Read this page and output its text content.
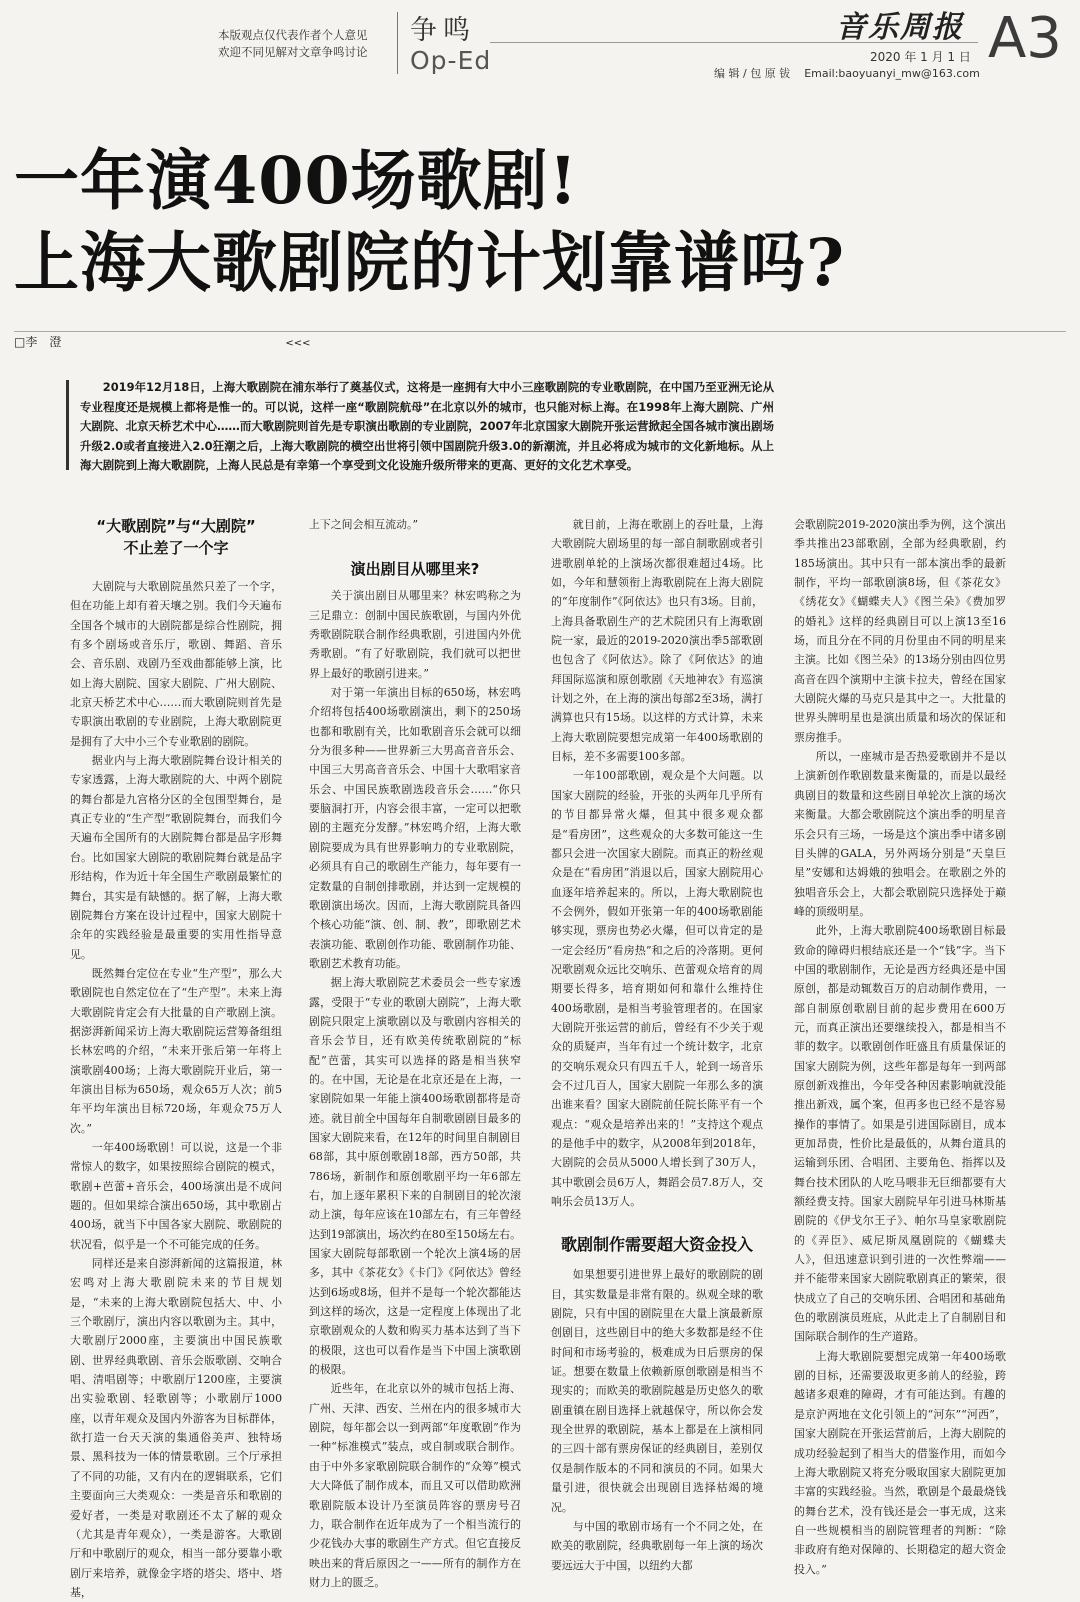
本版观点仅代表作者个人意见
欢迎不同见解对文章争鸣讨论
争鸣
Op-Ed
音乐周报 A3
2020 年 1 月 1 日
编 辑 / 包 原 钹 Email:baoyuanyi_mw@163.com
一年演400场歌剧!
上海大歌剧院的计划靠谱吗?
□李　澄	<<<
2019年12月18日，上海大歌剧院在浦东举行了奠基仪式，这将是一座拥有大中小三座歌剧院的专业歌剧院，在中国乃至亚洲无论从专业程度还是规模上都将是惟一的。可以说，这样一座“歌剧院航母”在北京以外的城市，也只能对标上海。在1998年上海大剧院、广州大剧院、北京天桥艺术中心……而大歌剧院则首先是专职演出歌剧的专业剧院，2007年北京国家大剧院开张运营掀起全国各城市演出剧场升级2.0或者直接进入2.0狂潮之后，上海大歌剧院的横空出世将引领中国剧院升级3.0的新潮流，并且必将成为城市的文化新地标。从上海大剧院到上海大歌剧院，上海人民总是有幸第一个享受到文化设施升级所带来的更高、更好的文化艺术享受。
“大歌剧院”与“大剧院”
不止差了一个字

大剧院与大歌剧院虽然只差了一个字，但在功能上却有着天壤之别。我们今天遍布全国各个城市的大剧院都是综合性剧院，拥有多个剧场或音乐厅，歌剧、舞蹈、音乐会、音乐剧、戏剧乃至戏曲都能够上演，比如上海大剧院、国家大剧院、广州大剧院、北京天桥艺术中心……而大歌剧院则首先是专职演出歌剧的专业剧院，上海大歌剧院更是拥有了大中小三个专业歌剧的剧院。

据业内与上海大歌剧院舞台设计相关的专家透露，上海大歌剧院的大、中两个剧院的舞台都是九宫格分区的全包围型舞台，是真正专业的“生产型”歌剧院舞台，而我们今天遍布全国所有的大剧院舞台都是品字形舞台。比如国家大剧院的歌剧院舞台就是品字形结构，作为近十年全国生产歌剧最繁忙的舞台，其实是有缺憾的。据了解，上海大歌剧院舞台方案在设计过程中，国家大剧院十余年的实践经验是最重要的实用性指导意见。

既然舞台定位在专业“生产型”，那么大歌剧院也自然定位在了“生产型”。未来上海大歌剧院肯定会有大批量的自产歌剧上演。据澎湃新闻采访上海大歌剧院运营筹备组组长林宏鸣的介绍，“未来开张后第一年将上演歌剧400场；上海大歌剧院开业后，第一年演出目标为650场，观众65万人次；前5年平均年演出目标720场，年观众75万人次。”

一年400场歌剧！可以说，这是一个非常惊人的数字，如果按照综合剧院的模式，歌剧+芭蕾+音乐会，400场演出是不成问题的。但如果综合演出650场，其中歌剧占400场，就当下中国各家大剧院、歌剧院的状况看，似乎是一个不可能完成的任务。

同样还是来自澎湃新闻的这篇报道，林宏鸣对上海大歌剧院未来的节目规划是，“未来的上海大歌剧院包括大、中、小三个歌剧厅，演出内容以歌剧为主。其中，大歌剧厅2000座，主要演出中国民族歌剧、世界经典歌剧、音乐会版歌剧、交响合唱、清唱剧等；中歌剧厅1200座，主要演出实验歌剧、轻歌剧等；小歌剧厅1000座，以青年观众及国内外游客为目标群体，欲打造一台天天演的集通俗美声、独特场景、黑科技为一体的情景歌剧。三个厅承担了不同的功能，又有内在的逻辑联系，它们主要面向三大类观众：一类是音乐和歌剧的爱好者，一类是对歌剧还不太了解的观众（尤其是青年观众），一类是游客。大歌剧厅和中歌剧厅的观众，相当一部分要靠小歌剧厅来培养，就像金字塔的塔尖、塔中、塔基，

上下之间会相互流动。”

演出剧目从哪里来?

关于演出剧目从哪里来？林宏鸣称之为三足鼎立：创制中国民族歌剧，与国内外优秀歌剧院联合制作经典歌剧，引进国内外优秀歌剧。“有了好歌剧院，我们就可以把世界上最好的歌剧引进来。”

对于第一年演出目标的650场，林宏鸣介绍将包括400场歌剧演出，剩下的250场也都和歌剧有关，比如歌剧音乐会就可以细分为很多种——世界新三大男高音音乐会、中国三大男高音音乐会、中国十大歌唱家音乐会、中国民族歌剧选段音乐会……“你只要脑洞打开，内容会很丰富，一定可以把歌剧的主题充分发酵。”林宏鸣介绍，上海大歌剧院要成为具有世界影响力的专业歌剧院，必须具有自己的歌剧生产能力，每年要有一定数量的自制创排歌剧，并达到一定规模的歌剧演出场次。因而，上海大歌剧院具备四个核心功能“演、创、制、教”，即歌剧艺术表演功能、歌剧创作功能、歌剧制作功能、歌剧艺术教育功能。

据上海大歌剧院艺术委员会一些专家透露，受限于“专业的歌剧大剧院”，上海大歌剧院只限定上演歌剧以及与歌剧内容相关的音乐会节目，还有欧美传统歌剧院的“标配”芭蕾，其实可以选择的路是相当狭窄的。在中国，无论是在北京还是在上海，一家剧院如果一年能上演400场歌剧都将是奇迹。就目前全中国每年自制歌剧剧目最多的国家大剧院来看，在12年的时间里自制剧目68部，其中原创歌剧18部，西方50部，共786场，新制作和原创歌剧平均一年6部左右，加上逐年累积下来的自制剧目的轮次滚动上演，每年应该在10部左右，有三年曾经达到19部演出，场次约在80至150场左右。国家大剧院每部歌剧一个轮次上演4场的居多，其中《茶花女》《卡门》《阿依达》曾经达到6场或8场，但并不是每一个轮次都能达到这样的场次，这是一定程度上体现出了北京歌剧观众的人数和购买力基本达到了当下的极限，这也可以看作是当下中国上演歌剧的极限。

近些年，在北京以外的城市包括上海、广州、天津、西安、兰州在内的很多城市大剧院，每年都会以一到两部“年度歌剧”作为一种“标准模式”装点，或自制或联合制作。由于中外多家歌剧院联合制作的“众筹”模式大大降低了制作成本，而且又可以借助欧洲歌剧院版本设计乃至演员阵容的票房号召力，联合制作在近年成为了一个相当流行的少花钱办大事的歌剧生产方式。但它直接反映出来的背后原因之一——所有的制作方在财力上的匮乏。

就目前，上海在歌剧上的吞吐量，上海大歌剧院大剧场里的每一部自制歌剧或者引进歌剧单轮的上演场次都很难超过4场。比如，今年和慧领衔上海歌剧院在上海大剧院的“年度制作”《阿依达》也只有3场。目前，上海具备歌剧生产的艺术院团只有上海歌剧院一家，最近的2019-2020演出季5部歌剧也包含了《阿依达》。除了《阿依达》的迪拜国际巡演和原创歌剧《天地神农》有巡演计划之外，在上海的演出每部2至3场，满打满算也只有15场。以这样的方式计算，未来上海大歌剧院要想完成第一年400场歌剧的目标，差不多需要100多部。

一年100部歌剧，观众是个大问题。以国家大剧院的经验，开张的头两年几乎所有的节目都异常火爆，但其中很多观众都是“看房团”，这些观众的大多数可能这一生都只会进一次国家大剧院。而真正的粉丝观众是在“看房团”消退以后，国家大剧院用心血逐年培养起来的。所以，上海大歌剧院也不会例外，假如开张第一年的400场歌剧能够实现，票房也势必火爆，但可以肯定的是一定会经历“看房热”和之后的冷落期。更何况歌剧观众远比交响乐、芭蕾观众培育的周期要长得多，培育期如何和靠什么维持住400场歌剧，是相当考验管理者的。在国家大剧院开张运营的前后，曾经有不少关于观众的质疑声，当年有过一个统计数字，北京的交响乐观众只有四五千人，轮到一场音乐会不过几百人，国家大剧院一年那么多的演出谁来看？国家大剧院前任院长陈平有一个观点：“观众是培养出来的！”支持这个观点的是他手中的数字，从2008年到2018年，大剧院的会员从5000人增长到了30万人，其中歌剧会员6万人，舞蹈会员7.8万人，交响乐会员13万人。

歌剧制作需要超大资金投入

如果想要引进世界上最好的歌剧院的剧目，其实数量是非常有限的。纵观全球的歌剧院，只有中国的剧院里在大量上演最新原创剧目，这些剧目中的绝大多数都是经不住时间和市场考验的，极难成为日后票房的保证。想要在数量上依赖新原创歌剧是相当不现实的；而欧美的歌剧院越是历史悠久的歌剧重镇在剧目选择上就越保守，所以你会发现全世界的歌剧院，基本上都是在上演相同的三四十部有票房保证的经典剧目，差别仅仅是制作版本的不同和演员的不同。如果大量引进，很快就会出现剧目选择枯竭的境况。

与中国的歌剧市场有一个不同之处，在欧美的歌剧院，经典歌剧每一年上演的场次要远远大于中国，以纽约大都

会歌剧院2019-2020演出季为例，这个演出季共推出23部歌剧，全部为经典歌剧，约185场演出。其中只有一部本演出季的最新制作，平均一部歌剧演8场，但《茶花女》《绣花女》《蝴蝶夫人》《图兰朵》《费加罗的婚礼》这样的经典剧目可以上演13至16场，而且分在不同的月份里由不同的明星来主演。比如《图兰朵》的13场分别由四位男高音在四个演期中主演卡拉夫，曾经在国家大剧院火爆的马克只是其中之一。大批量的世界头牌明星也是演出质量和场次的保证和票房推手。

所以，一座城市是否热爱歌剧并不是以上演新创作歌剧数量来衡量的，而是以最经典剧目的数量和这些剧目单轮次上演的场次来衡量。大都会歌剧院这个演出季的明星音乐会只有三场，一场是这个演出季中诸多剧目头牌的GALA，另外两场分别是“天皇巨星”安娜和达姆娥的独唱会。在歌剧之外的独唱音乐会上，大都会歌剧院只选择处于巅峰的顶级明星。

此外，上海大歌剧院400场歌剧目标最致命的障碍归根结底还是一个“钱”字。当下中国的歌剧制作，无论是西方经典还是中国原创，都是动辄数百万的启动制作费用，一部自制原创歌剧目前的起步费用在600万元，而真正演出还要继续投入，都是相当不菲的数字。以歌剧创作旺盛且有质量保证的国家大剧院为例，这些年都是每年一到两部原创新戏推出，今年受各种因素影响就没能推出新戏，属个案，但再多也已经不是容易操作的事情了。如果是引进国际剧目，成本更加昂贵，性价比是最低的，从舞台道具的运输到乐团、合唱团、主要角色、指挥以及舞台技术团队的人吃马喂非无巨细都要有大额经费支持。国家大剧院早年引进马林斯基剧院的《伊戈尔王子》、帕尔马皇家歌剧院的《弄臣》、威尼斯凤凰剧院的《蝴蝶夫人》，但迅速意识到引进的一次性弊端——并不能带来国家大剧院歌剧真正的繁荣，很快成立了自己的交响乐团、合唱团和基础角色的歌剧演员班底，从此走上了自制剧目和国际联合制作的生产道路。

上海大歌剧院要想完成第一年400场歌剧的目标，还需要汲取更多前人的经验，跨越诸多艰难的障碍，才有可能达到。有趣的是京沪两地在文化引领上的“河东”“河西”，国家大剧院在开张运营前后，上海大剧院的成功经验起到了相当大的借鉴作用，而如今上海大歌剧院又将充分吸取国家大剧院更加丰富的实践经验。当然，歌剧是个最最烧钱的舞台艺术，没有钱还是会一事无成，这来自一些规模相当的剧院管理者的判断：“除非政府有绝对保障的、长期稳定的超大资金投入。”
